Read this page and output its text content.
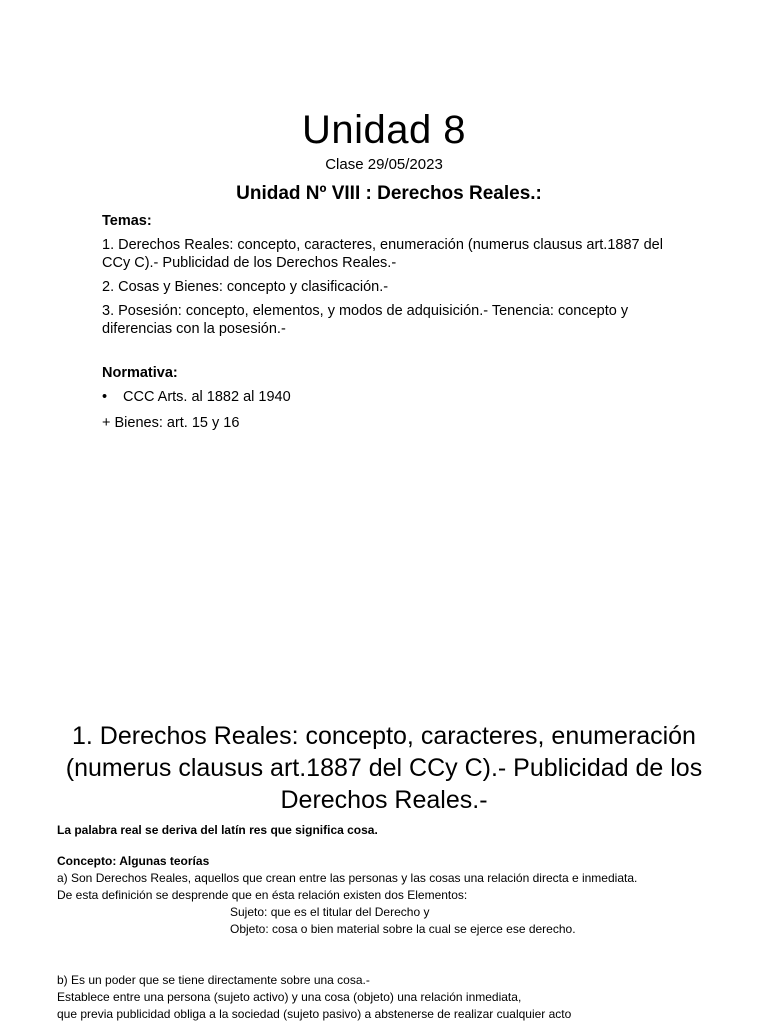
Unidad 8
Clase 29/05/2023
Unidad Nº VIII : Derechos Reales.:
Temas:
1. Derechos Reales: concepto, caracteres, enumeración (numerus clausus art.1887 del CCy C).- Publicidad de los Derechos Reales.-
2. Cosas y Bienes: concepto y clasificación.-
3. Posesión: concepto, elementos, y modos de adquisición.- Tenencia: concepto y diferencias con la posesión.-
Normativa:
•	CCC Arts. al 1882 al 1940
+ Bienes: art. 15 y 16
1. Derechos Reales: concepto, caracteres, enumeración (numerus clausus art.1887 del CCy C).- Publicidad de los Derechos Reales.-
La palabra real se deriva del latín res que significa cosa.
Concepto: Algunas teorías
a) Son Derechos Reales, aquellos que crean entre las personas y las cosas una relación directa e inmediata.
De esta definición se desprende que en ésta relación existen dos Elementos:
Sujeto: que es el titular del Derecho y
Objeto: cosa o bien material sobre la cual se ejerce ese derecho.
b) Es un poder que se tiene directamente sobre una cosa.-
Establece entre una persona (sujeto activo) y una cosa (objeto) una relación inmediata,
que previa publicidad obliga a la sociedad (sujeto pasivo) a abstenerse de realizar cualquier acto
